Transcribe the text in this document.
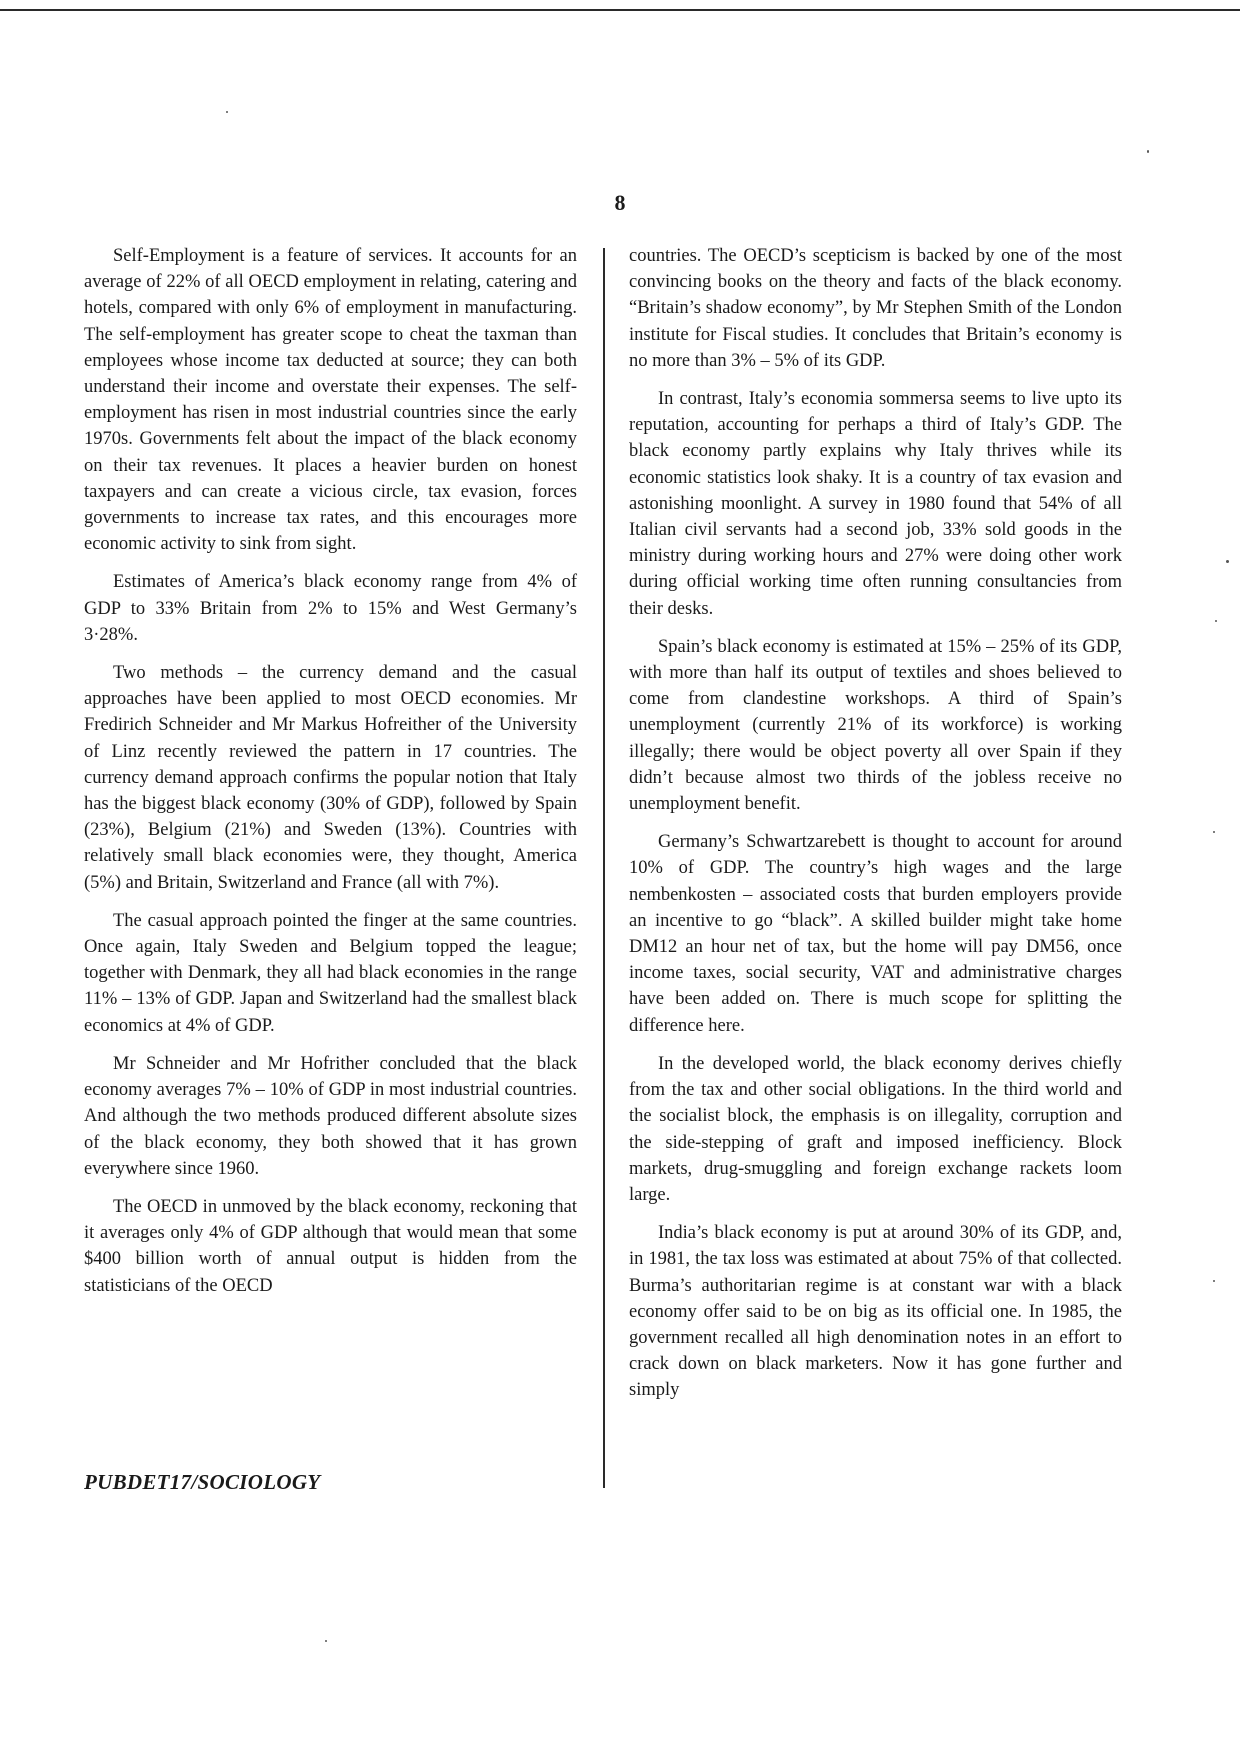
8

Self-Employment is a feature of services. It accounts for an average of 22% of all OECD employment in relating, catering and hotels, compared with only 6% of employment in manufacturing. The self-employment has greater scope to cheat the taxman than employees whose income tax deducted at source; they can both understand their income and overstate their expenses. The self-employment has risen in most industrial countries since the early 1970s. Governments felt about the impact of the black economy on their tax revenues. It places a heavier burden on honest taxpayers and can create a vicious circle, tax evasion, forces governments to increase tax rates, and this encourages more economic activity to sink from sight.

Estimates of America’s black economy range from 4% of GDP to 33% Britain from 2% to 15% and West Germany’s 3·28%.

Two methods – the currency demand and the casual approaches have been applied to most OECD economies. Mr Fredirich Schneider and Mr Markus Hofreither of the University of Linz recently reviewed the pattern in 17 countries. The currency demand approach confirms the popular notion that Italy has the biggest black economy (30% of GDP), followed by Spain (23%), Belgium (21%) and Sweden (13%). Countries with relatively small black economies were, they thought, America (5%) and Britain, Switzerland and France (all with 7%).

The casual approach pointed the finger at the same countries. Once again, Italy Sweden and Belgium topped the league; together with Denmark, they all had black economies in the range 11% – 13% of GDP. Japan and Switzerland had the smallest black economics at 4% of GDP.

Mr Schneider and Mr Hofrither concluded that the black economy averages 7% – 10% of GDP in most industrial countries. And although the two methods produced different absolute sizes of the black economy, they both showed that it has grown everywhere since 1960.

The OECD in unmoved by the black economy, reckoning that it averages only 4% of GDP although that would mean that some $400 billion worth of annual output is hidden from the statisticians of the OECD

countries. The OECD’s scepticism is backed by one of the most convincing books on the theory and facts of the black economy. “Britain’s shadow economy”, by Mr Stephen Smith of the London institute for Fiscal studies. It concludes that Britain’s economy is no more than 3% – 5% of its GDP.

In contrast, Italy’s economia sommersa seems to live upto its reputation, accounting for perhaps a third of Italy’s GDP. The black economy partly explains why Italy thrives while its economic statistics look shaky. It is a country of tax evasion and astonishing moonlight. A survey in 1980 found that 54% of all Italian civil servants had a second job, 33% sold goods in the ministry during working hours and 27% were doing other work during official working time often running consultancies from their desks.

Spain’s black economy is estimated at 15% – 25% of its GDP, with more than half its output of textiles and shoes believed to come from clandestine workshops. A third of Spain’s unemployment (currently 21% of its workforce) is working illegally; there would be object poverty all over Spain if they didn’t because almost two thirds of the jobless receive no unemployment benefit.

Germany’s Schwartzarebett is thought to account for around 10% of GDP. The country’s high wages and the large nembenkosten – associated costs that burden employers provide an incentive to go “black”. A skilled builder might take home DM12 an hour net of tax, but the home will pay DM56, once income taxes, social security, VAT and administrative charges have been added on. There is much scope for splitting the difference here.

In the developed world, the black economy derives chiefly from the tax and other social obligations. In the third world and the socialist block, the emphasis is on illegality, corruption and the side-stepping of graft and imposed inefficiency. Block markets, drug-smuggling and foreign exchange rackets loom large.

India’s black economy is put at around 30% of its GDP, and, in 1981, the tax loss was estimated at about 75% of that collected. Burma’s authoritarian regime is at constant war with a black economy offer said to be on big as its official one. In 1985, the government recalled all high denomination notes in an effort to crack down on black marketers. Now it has gone further and simply

PUBDET17/SOCIOLOGY
